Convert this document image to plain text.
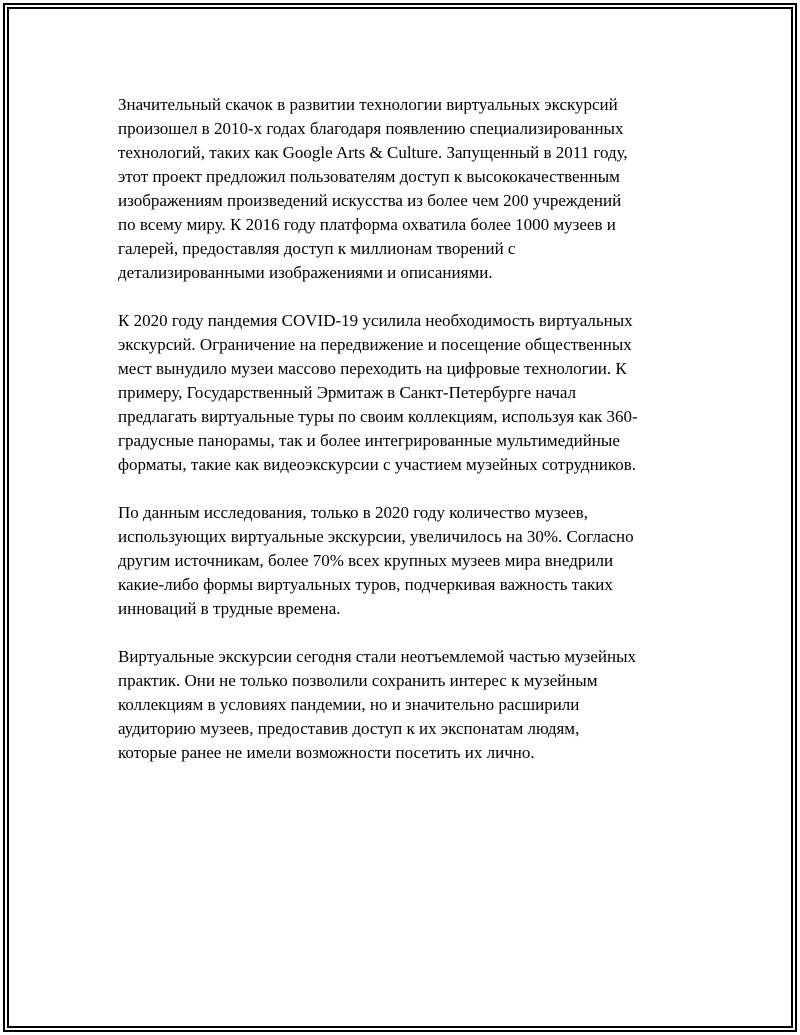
Значительный скачок в развитии технологии виртуальных экскурсий
произошел в 2010-х годах благодаря появлению специализированных
технологий, таких как Google Arts & Culture. Запущенный в 2011 году,
этот проект предложил пользователям доступ к высококачественным
изображениям произведений искусства из более чем 200 учреждений
по всему миру. К 2016 году платформа охватила более 1000 музеев и
галерей, предоставляя доступ к миллионам творений с
детализированными изображениями и описаниями.

К 2020 году пандемия COVID-19 усилила необходимость виртуальных
экскурсий. Ограничение на передвижение и посещение общественных
мест вынудило музеи массово переходить на цифровые технологии. К
примеру, Государственный Эрмитаж в Санкт-Петербурге начал
предлагать виртуальные туры по своим коллекциям, используя как 360-
градусные панорамы, так и более интегрированные мультимедийные
форматы, такие как видеоэкскурсии с участием музейных сотрудников.

По данным исследования, только в 2020 году количество музеев,
использующих виртуальные экскурсии, увеличилось на 30%. Согласно
другим источникам, более 70% всех крупных музеев мира внедрили
какие-либо формы виртуальных туров, подчеркивая важность таких
инноваций в трудные времена.

Виртуальные экскурсии сегодня стали неотъемлемой частью музейных
практик. Они не только позволили сохранить интерес к музейным
коллекциям в условиях пандемии, но и значительно расширили
аудиторию музеев, предоставив доступ к их экспонатам людям,
которые ранее не имели возможности посетить их лично.
